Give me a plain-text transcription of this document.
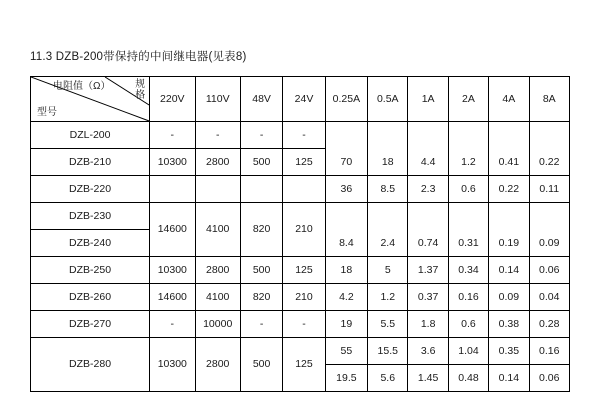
11.3 DZB-200带保持的中间继电器(见表8)
电阻值（Ω） 规
格
型号	220V	110V	48V	24V	0.25A	0.5A	1A	2A	4A	8A
DZL-200	-	-	-	-						
DZB-210	10300	2800	500	125	70	18	4.4	1.2	0.41	0.22
DZB-220					36	8.5	2.3	0.6	0.22	0.11
DZB-230	14600	4100	820	210						
DZB-240					8.4	2.4	0.74	0.31	0.19	0.09
DZB-250	10300	2800	500	125	18	5	1.37	0.34	0.14	0.06
DZB-260	14600	4100	820	210	4.2	1.2	0.37	0.16	0.09	0.04
DZB-270	-	10000	-	-	19	5.5	1.8	0.6	0.38	0.28
DZB-280	10300	2800	500	125	55	15.5	3.6	1.04	0.35	0.16
					19.5	5.6	1.45	0.48	0.14	0.06
